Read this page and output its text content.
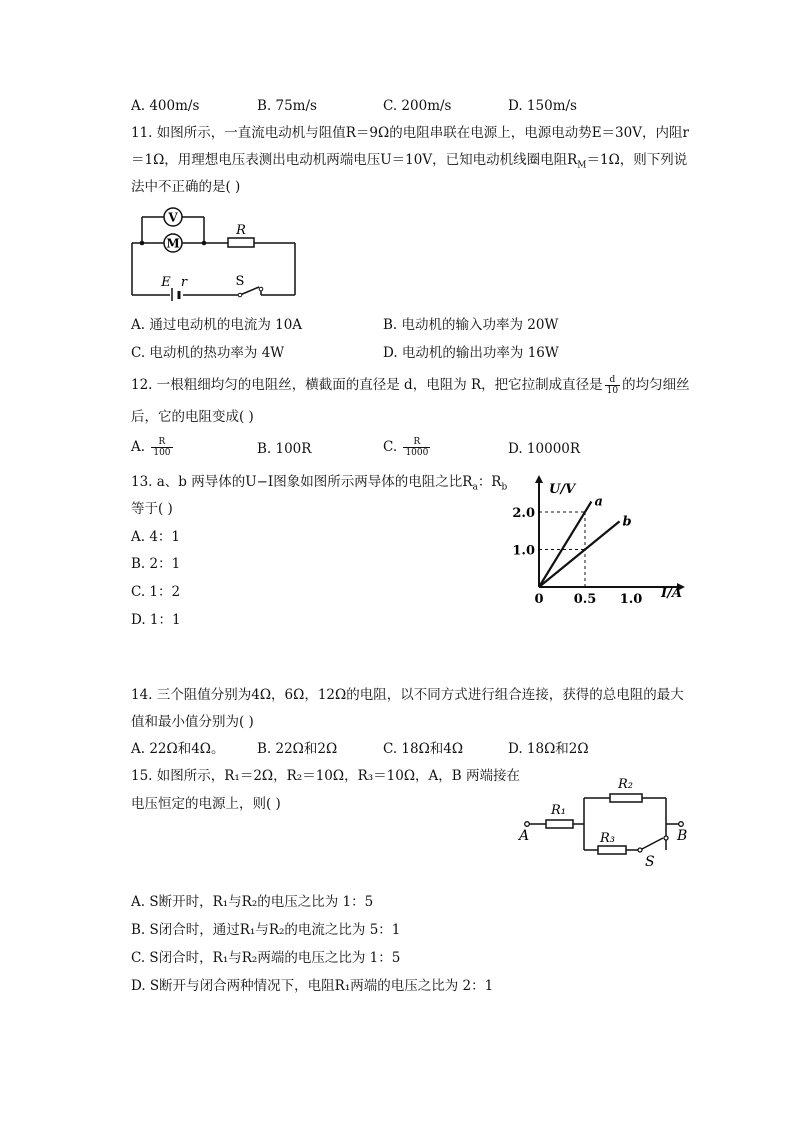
A. 400m/s	B. 75m/s	C. 200m/s	D. 150m/s
11. 如图所示，一直流电动机与阻值R＝9Ω的电阻串联在电源上，电源电动势E＝30V，内阻r
＝1Ω，用理想电压表测出电动机两端电压U＝10V，已知电动机线圈电阻$R_M=1\Omega$，则下列说
法中不正确的是( )
V
M
R
E r	S
A. 通过电动机的电流为 10A	B. 电动机的输入功率为 20W
C. 电动机的热功率为 4W	D. 电动机的输出功率为 16W
12. 一根粗细均匀的电阻丝，横截面的直径是 d，电阻为 R，把它拉制成直径是 $\frac{d}{10}$ 的均匀细丝
后，它的电阻变成( )
A. $\frac{R}{100}$	B. 100R	C. $\frac{R}{1000}$	D. 10000R
13. a、b 两导体的U−I图象如图所示两导体的电阻之比$R_a$：$R_b$
等于( )
A. 4：1
B. 2：1
C. 1：2
D. 1：1
U/V
I/A
a
b
1.0
2.0
0 0.5 1.0
14. 三个阻值分别为4Ω，6Ω，12Ω的电阻，以不同方式进行组合连接，获得的总电阻的最大
值和最小值分别为( )
A. 22Ω和4Ω。 B. 22Ω和2Ω	C. 18Ω和4Ω	D. 18Ω和2Ω
15. 如图所示，R₁＝2Ω，R₂＝10Ω，R₃＝10Ω，A，B 两端接在
电压恒定的电源上，则( )	R₁
R₂
R₃
A	B
S
A. S断开时，R₁与R₂的电压之比为 1：5
B. S闭合时，通过R₁与R₂的电流之比为 5：1
C. S闭合时，R₁与R₂两端的电压之比为 1：5
D. S断开与闭合两种情况下，电阻R₁两端的电压之比为 2：1
